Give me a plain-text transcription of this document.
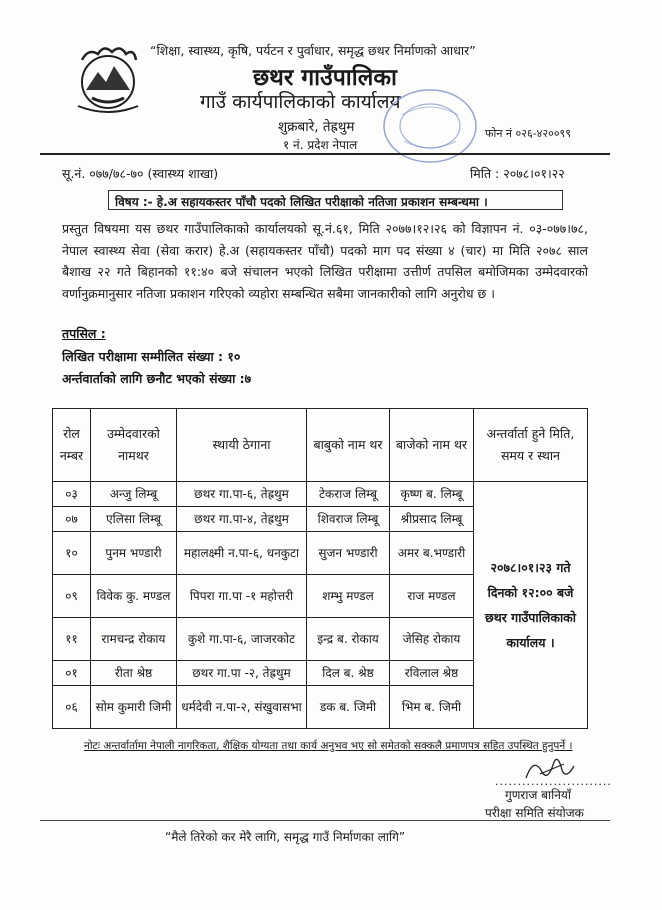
“शिक्षा, स्वास्थ्य, कृषि, पर्यटन र पुर्वाधार, समृद्ध छथर निर्माणको आधार”
छथर गाउँपालिका
गाउँ कार्यपालिकाको कार्यालय
शुक्रबारे, तेह्रथुम
१ नं. प्रदेश नेपाल
फोन नं ०२६-४२००९९
सू.नं. ०७७/७८-७० (स्वास्थ्य शाखा)	मिति : २०७८।०१।२२
विषय :- हे.अ सहायकस्तर पाँचौ पदको लिखित परीक्षाको नतिजा प्रकाशन सम्बन्धमा ।
प्रस्तुत विषयमा यस छथर गाउँपालिकाको कार्यालयको सू.नं.६१, मिति २०७७।१२।२६ को विज्ञापन नं. ०३-०७७।७८, नेपाल स्वास्थ्य सेवा (सेवा करार) हे.अ (सहायकस्तर पाँचौ) पदको माग पद संख्या ४ (चार) मा मिति २०७८ साल बैशाख २२ गते बिहानको ११:४० बजे संचालन भएको लिखित परीक्षामा उत्तीर्ण तपसिल बमोजिमका उम्मेदवारको वर्णानुक्रमानुसार नतिजा प्रकाशन गरिएको व्यहोरा सम्बन्धित सबैमा जानकारीको लागि अनुरोध छ ।
तपसिल :
लिखित परीक्षामा सम्मीलित संख्या : १०
अर्न्तवार्ताको लागि छनौट भएको संख्या :७
रोल नम्बर	उम्मेदवारको नामथर	स्थायी ठेगाना	बाबुको नाम थर	बाजेको नाम थर	अन्तर्वार्ता हुने मिति, समय र स्थान
०३	अन्जु लिम्बू	छथर गा.पा-६, तेह्रथुम	टेकराज लिम्बू	कृष्ण ब. लिम्बू	२०७८।०१।२३ गते दिनको १२:०० बजे छथर गाउँपालिकाको कार्यालय ।
०७	एलिसा लिम्बू	छथर गा.पा-४, तेह्रथुम	शिवराज लिम्बू	श्रीप्रसाद लिम्बू	
१०	पुनम भण्डारी	महालक्ष्मी न.पा-६, धनकुटा	सुजन भण्डारी	अमर ब.भण्डारी	
०९	विवेक कु. मण्डल	पिपरा गा.पा -१ महोत्तरी	शम्भु मण्डल	राज मण्डल	
११	रामचन्द्र रोकाय	कुशे गा.पा-६, जाजरकोट	इन्द्र ब. रोकाय	जेसिह रोकाय	
०१	रीता श्रेष्ठ	छथर गा.पा -२, तेह्रथुम	दिल ब. श्रेष्ठ	रविलाल श्रेष्ठ	
०६	सोम कुमारी जिमी	धर्मदेवी न.पा-२, संखुवासभा	डक ब. जिमी	भिम ब. जिमी	
नोटः अन्तर्वार्तामा नेपाली नागरिकता, शैक्षिक योग्यता तथा कार्य अनुभव भए सो समेतको सक्कलै प्रमाणपत्र सहित उपस्थित हुनुपर्ने ।
..........................
गुणराज बानियाँ
परीक्षा समिति संयोजक
“मैले तिरेको कर मेरै लागि, समृद्ध गाउँ निर्माणका लागि”
